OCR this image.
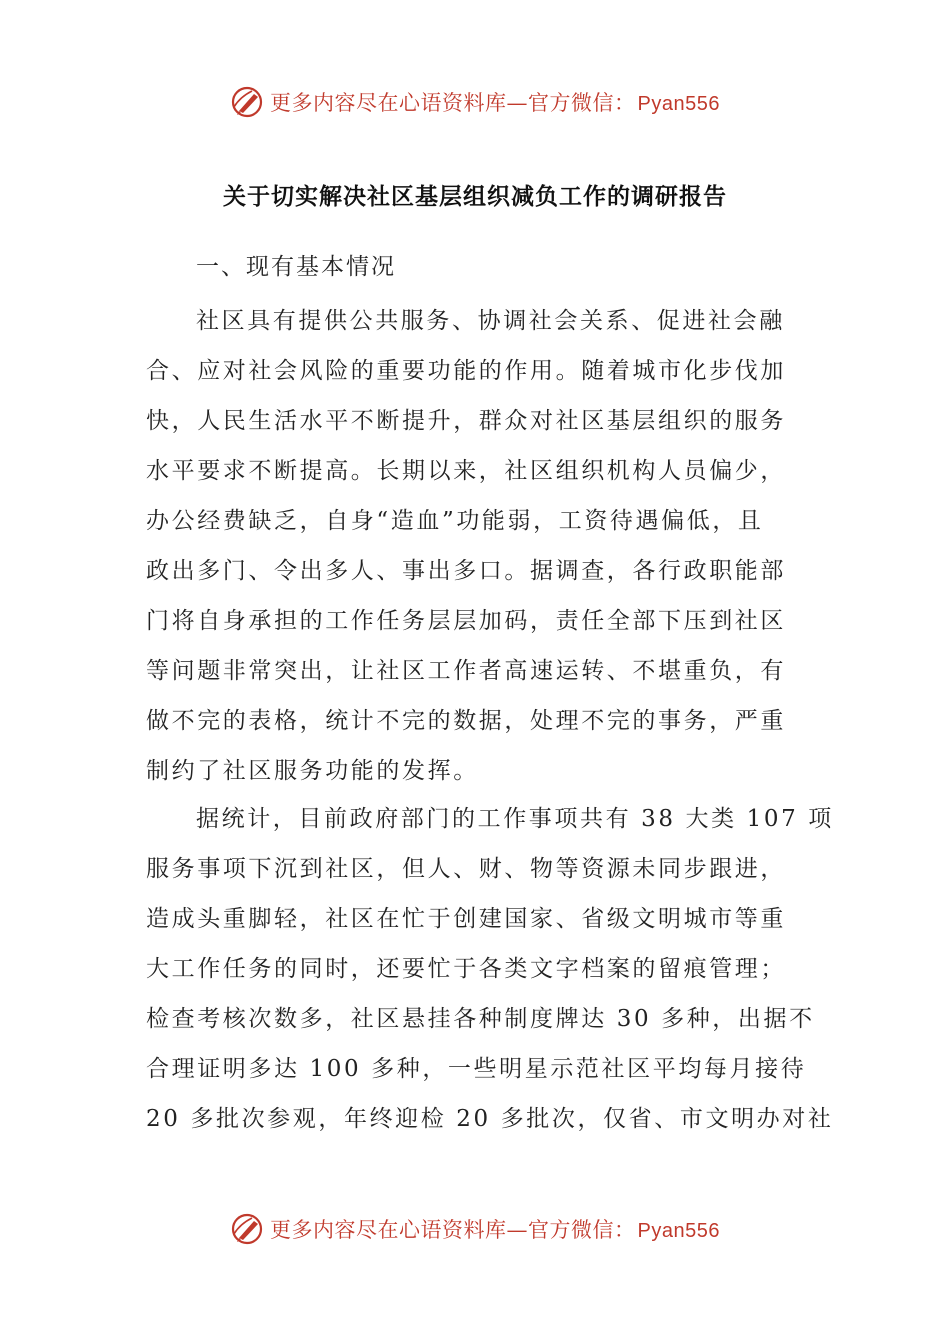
更多内容尽在心语资料库—官方微信： Pyan556
关于切实解决社区基层组织减负工作的调研报告
一、现有基本情况
社区具有提供公共服务、协调社会关系、促进社会融
合、应对社会风险的重要功能的作用。随着城市化步伐加
快，人民生活水平不断提升，群众对社区基层组织的服务
水平要求不断提高。长期以来，社区组织机构人员偏少，
办公经费缺乏，自身“造血”功能弱，工资待遇偏低，且
政出多门、令出多人、事出多口。据调查，各行政职能部
门将自身承担的工作任务层层加码，责任全部下压到社区
等问题非常突出，让社区工作者高速运转、不堪重负，有
做不完的表格，统计不完的数据，处理不完的事务，严重
制约了社区服务功能的发挥。
据统计，目前政府部门的工作事项共有 38 大类 107 项
服务事项下沉到社区，但人、财、物等资源未同步跟进，
造成头重脚轻，社区在忙于创建国家、省级文明城市等重
大工作任务的同时，还要忙于各类文字档案的留痕管理；
检查考核次数多，社区悬挂各种制度牌达 30 多种，出据不
合理证明多达 100 多种，一些明星示范社区平均每月接待
20 多批次参观，年终迎检 20 多批次，仅省、市文明办对社
更多内容尽在心语资料库—官方微信： Pyan556
